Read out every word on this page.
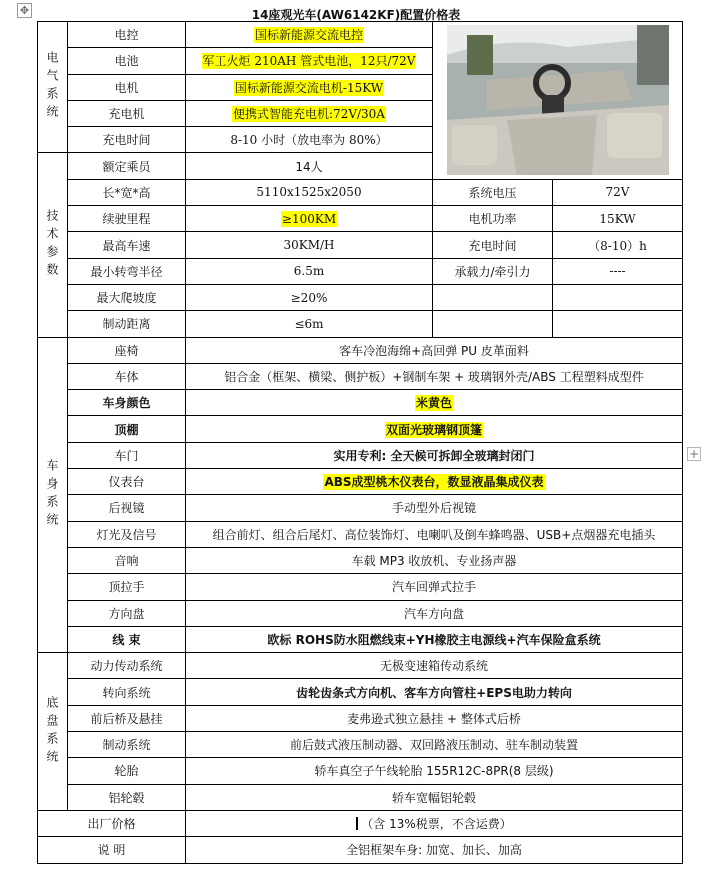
✥	14座观光车(AW6142KF)配置价格表
电气系统	电控	国标新能源交流电控	

	电池	军工火炬 210AH 管式电池，12只/72V		
	电机	国标新能源交流电机-15KW		
	充电机	便携式智能充电机:72V/30A		
	充电时间	8-10 小时（放电率为 80%）		
技术参数	额定乘员	14人		
	长*宽*高	5110x1525x2050	系统电压	72V
	续驶里程	≥100KM	电机功率	15KW
	最高车速	30KM/H	充电时间	（8-10）h
	最小转弯半径	6.5m	承载力/牵引力	----
	最大爬坡度	≥20%		
	制动距离	≤6m		
车身系统	座椅	客车冷泡海绵+高回弹 PU 皮革面料		
	车体	铝合金（框架、横梁、侧护板）+钢制车架 + 玻璃钢外壳/ABS 工程塑料成型件		
	车身颜色	米黄色		
	顶棚	双面光玻璃钢顶篷		
	车门	实用专利: 全天候可拆卸全玻璃封闭门		
	仪表台	ABS成型桃木仪表台，数显液晶集成仪表		
	后视镜	手动型外后视镜		
	灯光及信号	组合前灯、组合后尾灯、高位装饰灯、电喇叭及倒车蜂鸣器、USB+点烟器充电插头		
	音响	车载 MP3 收放机、专业扬声器		
	顶拉手	汽车回弹式拉手		
	方向盘	汽车方向盘		
	线 束	欧标 ROHS防水阻燃线束+YH橡胶主电源线+汽车保险盒系统		
底盘系统	动力传动系统	无极变速箱传动系统		
	转向系统	齿轮齿条式方向机、客车方向管柱+EPS电助力转向		
	前后桥及悬挂	麦弗逊式独立悬挂 + 整体式后桥		
	制动系统	前后鼓式液压制动器、双回路液压制动、驻车制动装置		
	轮胎	轿车真空子午线轮胎 155R12C-8PR(8 层级)		
	铝轮毂	轿车宽幅铝轮毂		
出厂价格		（含 13%税票，不含运费）		
说 明		全铝框架车身: 加宽、加长、加高		
+
